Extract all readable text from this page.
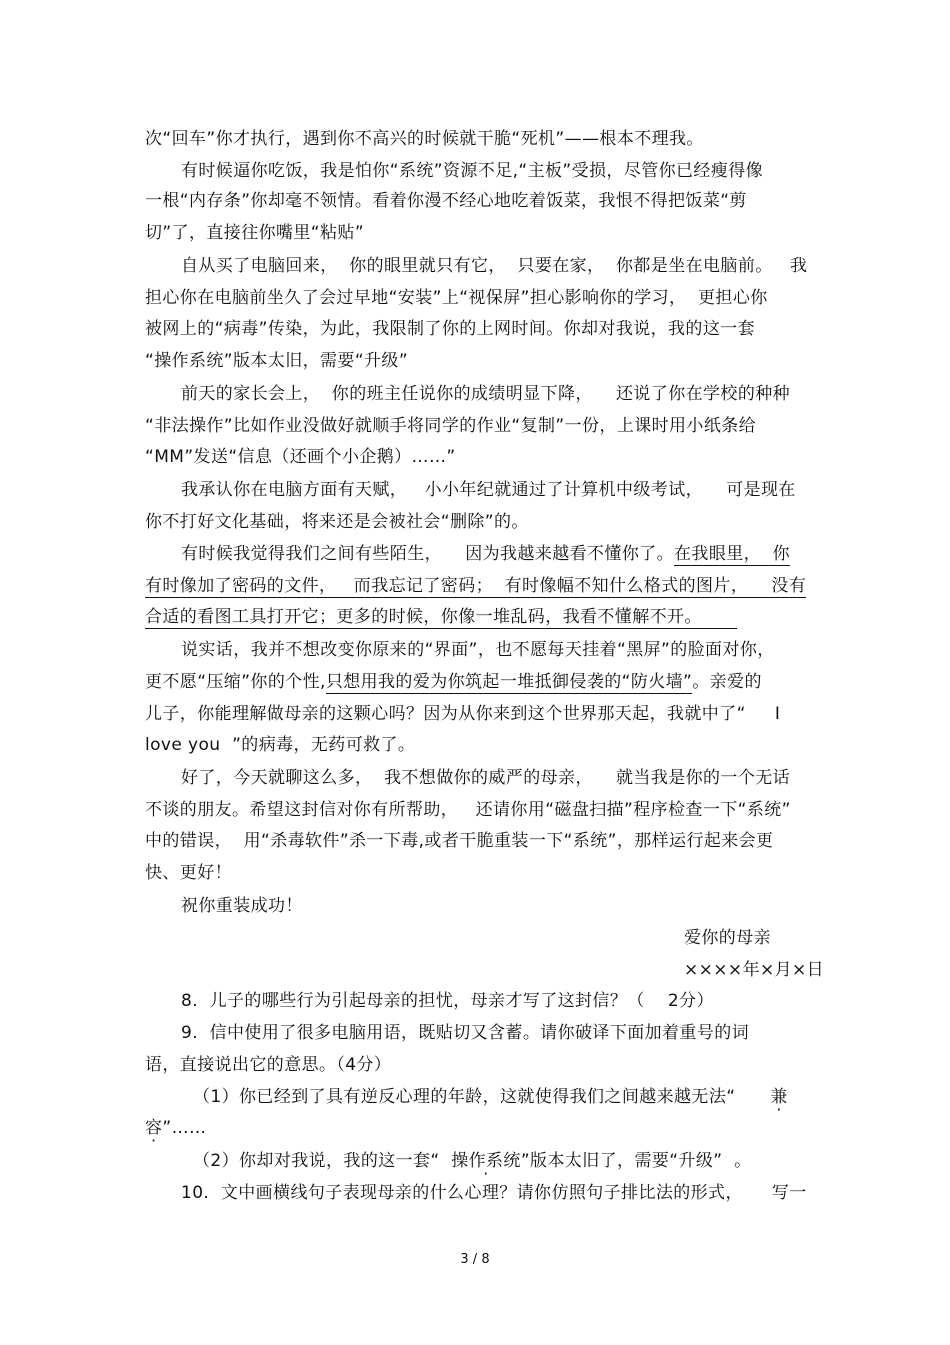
次“回车”你才执行，遇到你不高兴的时候就干脆“死机”——根本不理我。
有时候逼你吃饭，我是怕你“系统”资源不足,“主板”受损，尽管你已经瘦得像
一根“内存条”你却毫不领情。看着你漫不经心地吃着饭菜，我恨不得把饭菜“剪
切”了，直接往你嘴里“粘贴”
自从买了电脑回来，  你的眼里就只有它，  只要在家，  你都是坐在电脑前。   我
担心你在电脑前坐久了会过早地“安装”上“视保屏”担心影响你的学习，  更担心你
被网上的“病毒”传染，为此，我限制了你的上网时间。你却对我说，我的这一套
“操作系统”版本太旧，需要“升级”
前天的家长会上，  你的班主任说你的成绩明显下降，    还说了你在学校的种种
“非法操作”比如作业没做好就顺手将同学的作业“复制”一份，上课时用小纸条给
“MM”发送“信息（还画个小企鹅）……”
我承认你在电脑方面有天赋，   小小年纪就通过了计算机中级考试，    可是现在
你不打好文化基础，将来还是会被社会“删除”的。
有时候我觉得我们之间有些陌生，    因为我越来越看不懂你了。在我眼里，  你
有时像加了密码的文件，   而我忘记了密码；  有时像幅不知什么格式的图片，    没有
合适的看图工具打开它；更多的时候，你像一堆乱码，我看不懂解不开。
说实话，我并不想改变你原来的“界面”，也不愿每天挂着“黑屏”的脸面对你，
更不愿“压缩”你的个性,只想用我的爱为你筑起一堆抵御侵袭的“防火墙”。亲爱的
儿子，你能理解做母亲的这颗心吗？因为从你来到这个世界那天起，我就中了“     I
love you  ”的病毒，无药可救了。
好了，今天就聊这么多，  我不想做你的威严的母亲，    就当我是你的一个无话
不谈的朋友。希望这封信对你有所帮助，   还请你用“磁盘扫描”程序检查一下“系统”
中的错误，  用“杀毒软件”杀一下毒,或者干脆重装一下“系统”，那样运行起来会更
快、更好！
祝你重装成功！
爱你的母亲
××××年×月×日
8.  儿子的哪些行为引起母亲的担忧，母亲才写了这封信？（    2分）
9.  信中使用了很多电脑用语，既贴切又含蓄。请你破译下面加着重号的词
语，直接说出它的意思。（4分）
（1）你已经到了具有逆反心理的年龄，这就使得我们之间越来越无法“      兼
容”……
（2）你却对我说，我的这一套“  操作系统”版本太旧了，需要“升级”  。
10.  文中画横线句子表现母亲的什么心理？请你仿照句子排比法的形式，     写一
3 / 8
